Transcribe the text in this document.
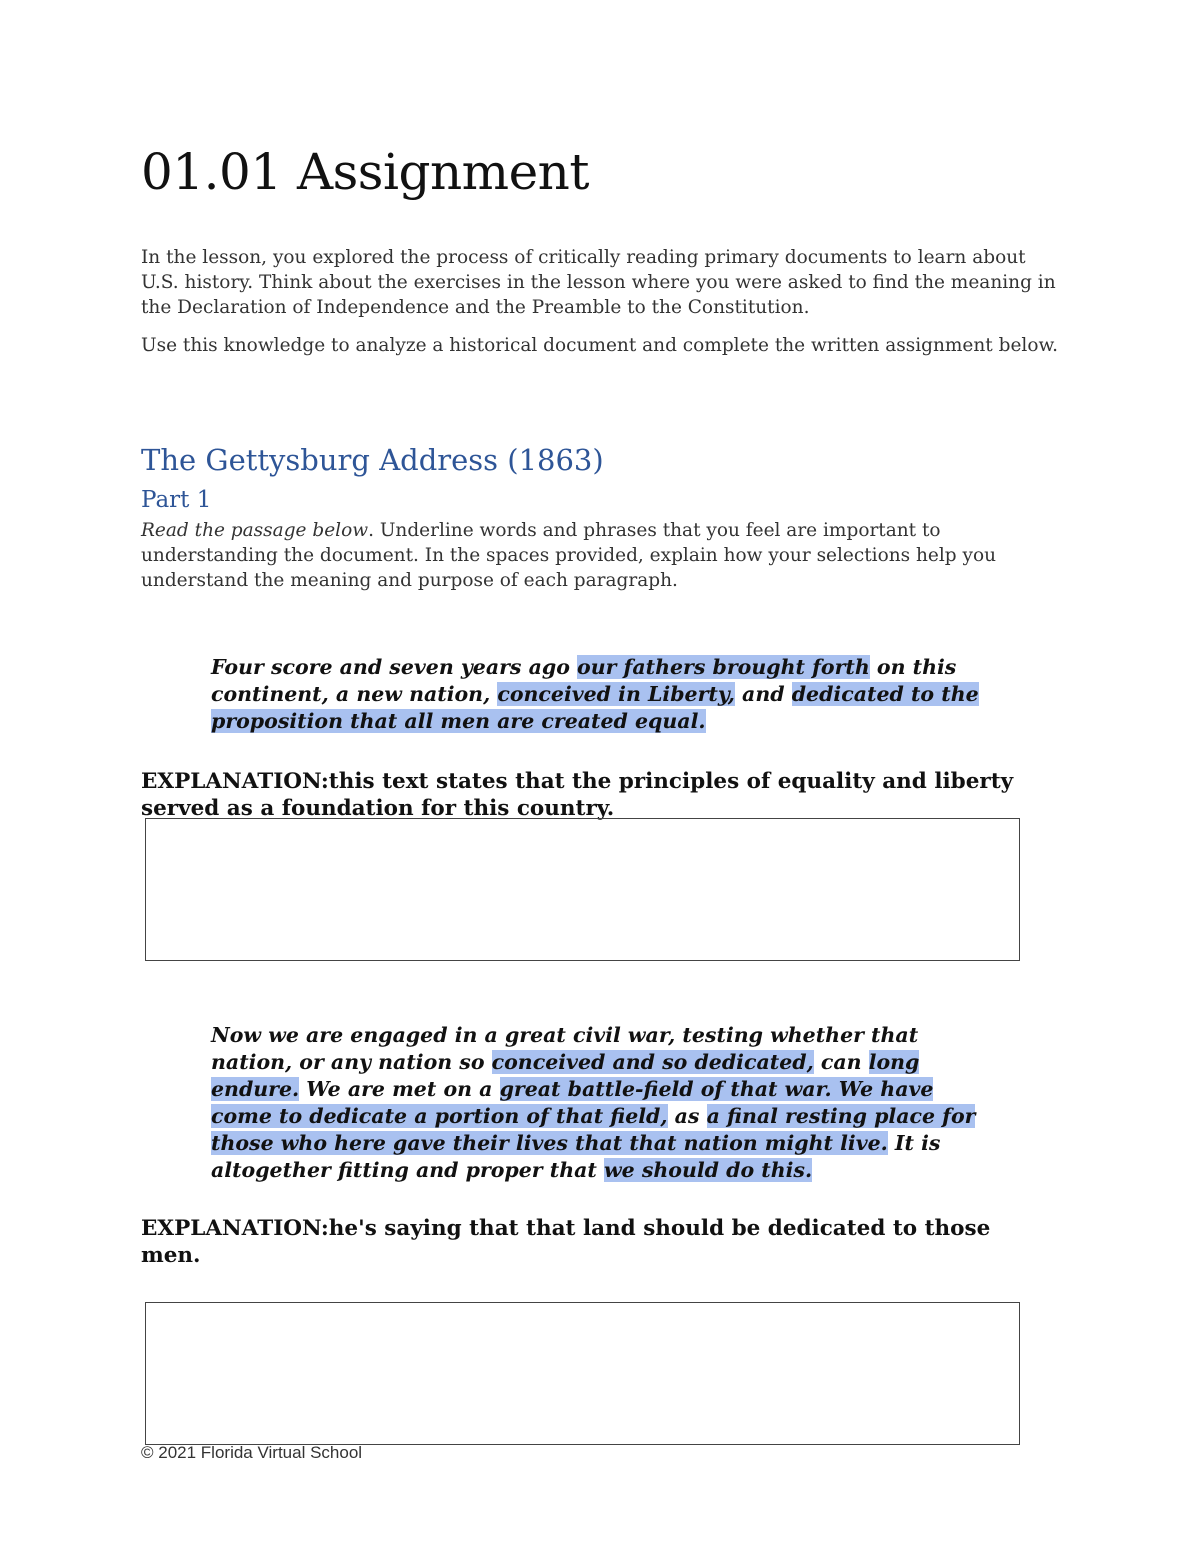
01.01 Assignment

In the lesson, you explored the process of critically reading primary documents to learn about U.S. history. Think about the exercises in the lesson where you were asked to find the meaning in the Declaration of Independence and the Preamble to the Constitution.

Use this knowledge to analyze a historical document and complete the written assignment below.

The Gettysburg Address (1863)
Part 1

Read the passage below. Underline words and phrases that you feel are important to understanding the document. In the spaces provided, explain how your selections help you understand the meaning and purpose of each paragraph.

Four score and seven years ago our fathers brought forth on this continent, a new nation, conceived in Liberty, and dedicated to the proposition that all men are created equal.

EXPLANATION:this text states that the principles of equality and liberty served as a foundation for this country.

Now we are engaged in a great civil war, testing whether that nation, or any nation so conceived and so dedicated, can long endure. We are met on a great battle-field of that war. We have come to dedicate a portion of that field, as a final resting place for those who here gave their lives that that nation might live. It is altogether fitting and proper that we should do this.

EXPLANATION:he's saying that that land should be dedicated to those men.

© 2021 Florida Virtual School
